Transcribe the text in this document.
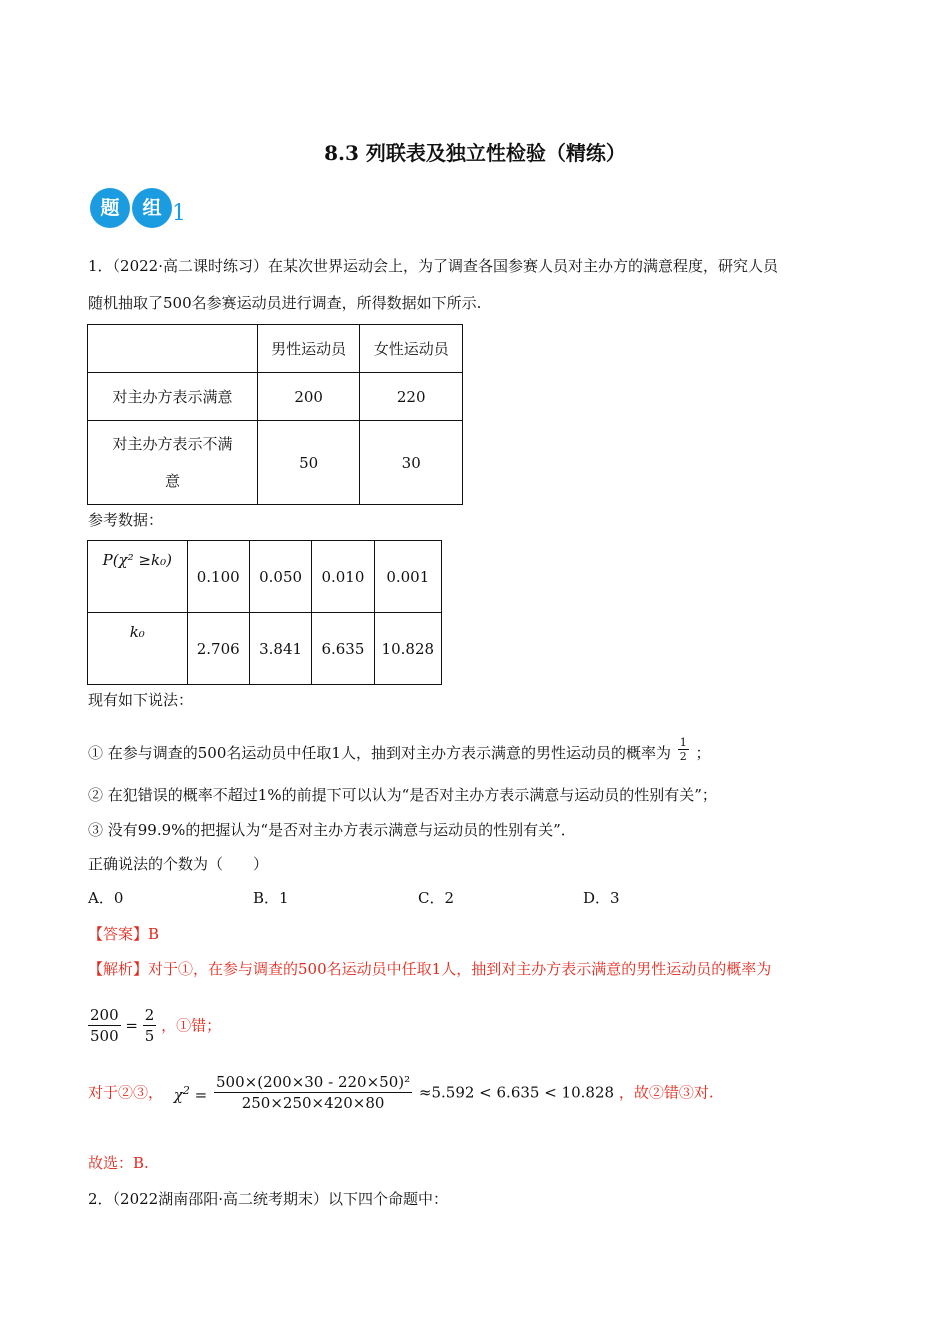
8.3 列联表及独立性检验（精练）
题	组 1
1．（2022·高二课时练习）在某次世界运动会上，为了调查各国参赛人员对主办方的满意程度，研究人员
随机抽取了500名参赛运动员进行调查，所得数据如下所示.
	男性运动员	女性运动员
对主办方表示满意	200	220
对主办方表示不满
意	50	30
参考数据：
P(χ² ≥k₀)	0.100	0.050	0.010	0.001
k₀	2.706	3.841	6.635	10.828
现有如下说法：
① 在参与调查的500名运动员中任取1人，抽到对主办方表示满意的男性运动员的概率为 $\frac{1}{2}$ ；
② 在犯错误的概率不超过1%的前提下可以认为“是否对主办方表示满意与运动员的性别有关”；
③ 没有99.9%的把握认为“是否对主办方表示满意与运动员的性别有关”．
正确说法的个数为（　　）
A．0	B．1	C．2	D．3
【答案】B
【解析】对于①，在参与调查的500名运动员中任取1人，抽到对主办方表示满意的男性运动员的概率为
$\frac{200}{500} = \frac{2}{5}$ ，①错；
对于②③， $\chi^2 = \frac{\text{500×(200×30 - 220×50)²}}{250\times 250\times 420\times 80} \approx 5.592 < 6.635 < 10.828$ ，故②错③对.
故选：B.
2．（2022湖南邵阳·高二统考期末）以下四个命题中：
